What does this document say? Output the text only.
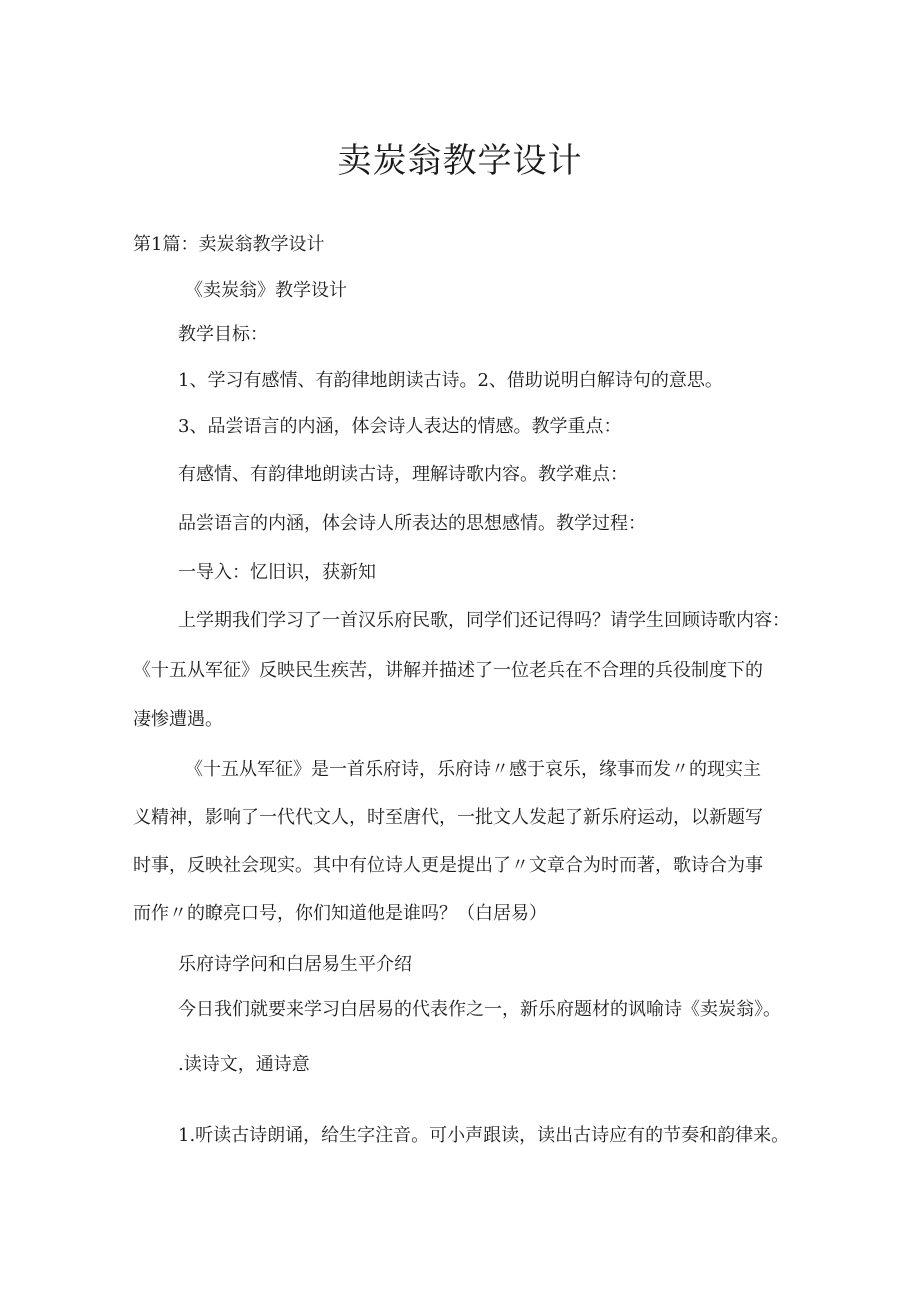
卖炭翁教学设计
第1篇：卖炭翁教学设计
《卖炭翁》教学设计
教学目标：
1、学习有感情、有韵律地朗读古诗。2、借助说明白解诗句的意思。
3、品尝语言的内涵，体会诗人表达的情感。教学重点：
有感情、有韵律地朗读古诗，理解诗歌内容。教学难点：
品尝语言的内涵，体会诗人所表达的思想感情。教学过程：
一导入：忆旧识，获新知
上学期我们学习了一首汉乐府民歌，同学们还记得吗？请学生回顾诗歌内容：
《十五从军征》反映民生疾苦，讲解并描述了一位老兵在不合理的兵役制度下的
凄惨遭遇。
《十五从军征》是一首乐府诗，乐府诗〃感于哀乐，缘事而发〃的现实主
义精神，影响了一代代文人，时至唐代，一批文人发起了新乐府运动，以新题写
时事，反映社会现实。其中有位诗人更是提出了〃文章合为时而著，歌诗合为事
而作〃的瞭亮口号，你们知道他是谁吗？（白居易）
乐府诗学问和白居易生平介绍
今日我们就要来学习白居易的代表作之一，新乐府题材的讽喻诗《卖炭翁》。
.读诗文，通诗意
1.听读古诗朗诵，给生字注音。可小声跟读，读出古诗应有的节奏和韵律来。
